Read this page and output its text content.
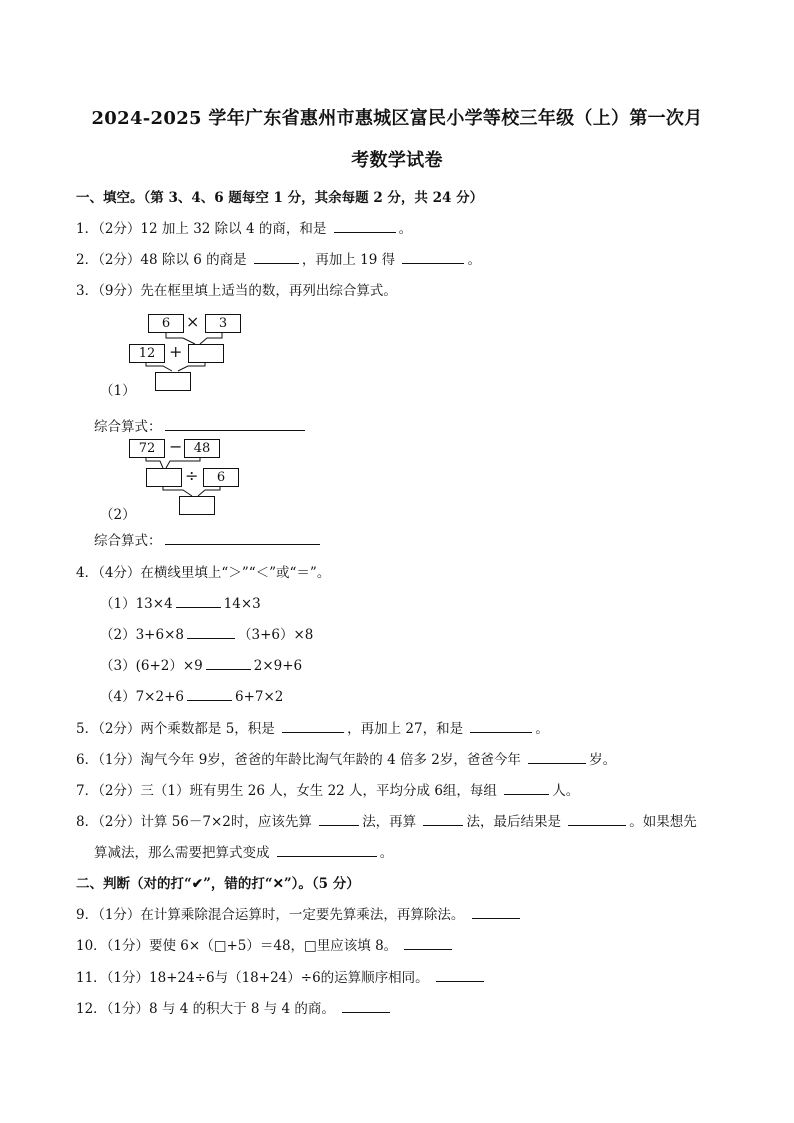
2024-2025 学年广东省惠州市惠城区富民小学等校三年级（上）第一次月
考数学试卷
一、填空。（第 3、4、6 题每空 1 分，其余每题 2 分，共 24 分）
1．（2分）12 加上 32 除以 4 的商，和是	。
2．（2分）48 除以 6 的商是	，再加上 19 得	。
3．（9分）先在框里填上适当的数，再列出综合算式。
6 ×	3
12 +
（1）
综合算式：
72 − 48
÷	6
（2）
综合算式：
4．（4分）在横线里填上“＞”“＜”或“＝”。
（1）13×4	14×3
（2）3+6×8	（3+6）×8
（3）(6+2）×9	2×9+6
（4）7×2+6	6+7×2
5．（2分）两个乘数都是 5，积是	，再加上 27，和是	。
6．（1分）淘气今年 9岁，爸爸的年龄比淘气年龄的 4 倍多 2岁，爸爸今年	岁。
7．（2分）三（1）班有男生 26 人，女生 22 人，平均分成 6组，每组	人。
8．（2分）计算 56－7×2时，应该先算	法，再算	法，最后结果是	。如果想先
算减法，那么需要把算式变成	。
二、判断（对的打“✔”，错的打“✕”）。（5 分）
9．（1分）在计算乘除混合运算时，一定要先算乘法，再算除法。
10．（1分）要使 6×（□+5）＝48，□里应该填 8。
11．（1分）18+24÷6与（18+24）÷6的运算顺序相同。
12．（1分）8 与 4 的积大于 8 与 4 的商。
